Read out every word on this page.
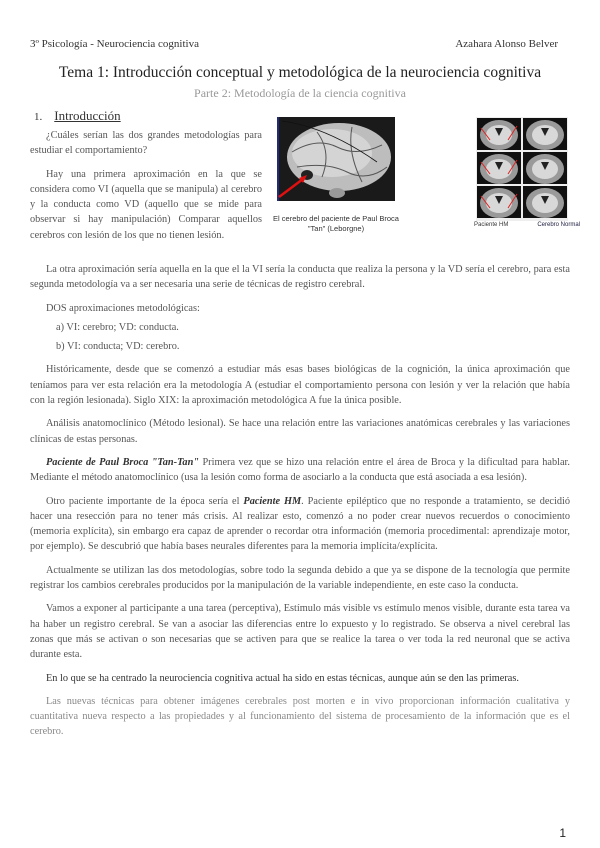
3º Psicología - Neurociencia cognitiva	Azahara Alonso Belver
Tema 1: Introducción conceptual y metodológica de la neurociencia cognitiva
Parte 2: Metodología de la ciencia cognitiva
1. Introducción

¿Cuáles serían las dos grandes metodologías para estudiar el comportamiento?

Hay una primera aproximación en la que se considera como VI (aquella que se manipula) al cerebro y la conducta como VD (aquello que se mide para observar si hay manipulación) Comparar aquellos cerebros con lesión de los que no tienen lesión.

El cerebro del paciente de Paul Broca "Tan" (Leborgne)	Paciente HM	Cerebro Normal

La otra aproximación sería aquella en la que el la VI sería la conducta que realiza la persona y la VD sería el cerebro, para esta segunda metodología va a ser necesaria una serie de técnicas de registro cerebral.

DOS aproximaciones metodológicas:

a) VI: cerebro; VD: conducta.

b) VI: conducta; VD: cerebro.

Históricamente, desde que se comenzó a estudiar más esas bases biológicas de la cognición, la única aproximación que teníamos para ver esta relación era la metodología A (estudiar el comportamiento persona con lesión y ver la relación que había con la región lesionada). Siglo XIX: la aproximación metodológica A fue la única posible.

Análisis anatomoclínico (Método lesional). Se hace una relación entre las variaciones anatómicas cerebrales y las variaciones clínicas de estas personas.

Paciente de Paul Broca "Tan-Tan" Primera vez que se hizo una relación entre el área de Broca y la dificultad para hablar. Mediante el método anatomoclínico (usa la lesión como forma de asociarlo a la conducta que está asociada a esa lesión).

Otro paciente importante de la época sería el Paciente HM. Paciente epiléptico que no responde a tratamiento, se decidió hacer una resección para no tener más crisis. Al realizar esto, comenzó a no poder crear nuevos recuerdos o conocimiento (memoria explícita), sin embargo era capaz de aprender o recordar otra información (memoria procedimental: aprendizaje motor, por ejemplo). Se descubrió que había bases neurales diferentes para la memoria implícita/explícita.

Actualmente se utilizan las dos metodologías, sobre todo la segunda debido a que ya se dispone de la tecnología que permite registrar los cambios cerebrales producidos por la manipulación de la variable independiente, en este caso la conducta.

Vamos a exponer al participante a una tarea (perceptiva), Estímulo más visible vs estímulo menos visible, durante esta tarea va ha haber un registro cerebral. Se van a asociar las diferencias entre lo expuesto y lo registrado. Se observa a nivel cerebral las zonas que más se activan o son necesarias que se activen para que se realice la tarea o ver toda la red neuronal que se activa durante esta.

En lo que se ha centrado la neurociencia cognitiva actual ha sido en estas técnicas, aunque aún se den las primeras.

Las nuevas técnicas para obtener imágenes cerebrales post morten e in vivo proporcionan información cualitativa y cuantitativa nueva respecto a las propiedades y al funcionamiento del sistema de procesamiento de la información que es el cerebro.

1
